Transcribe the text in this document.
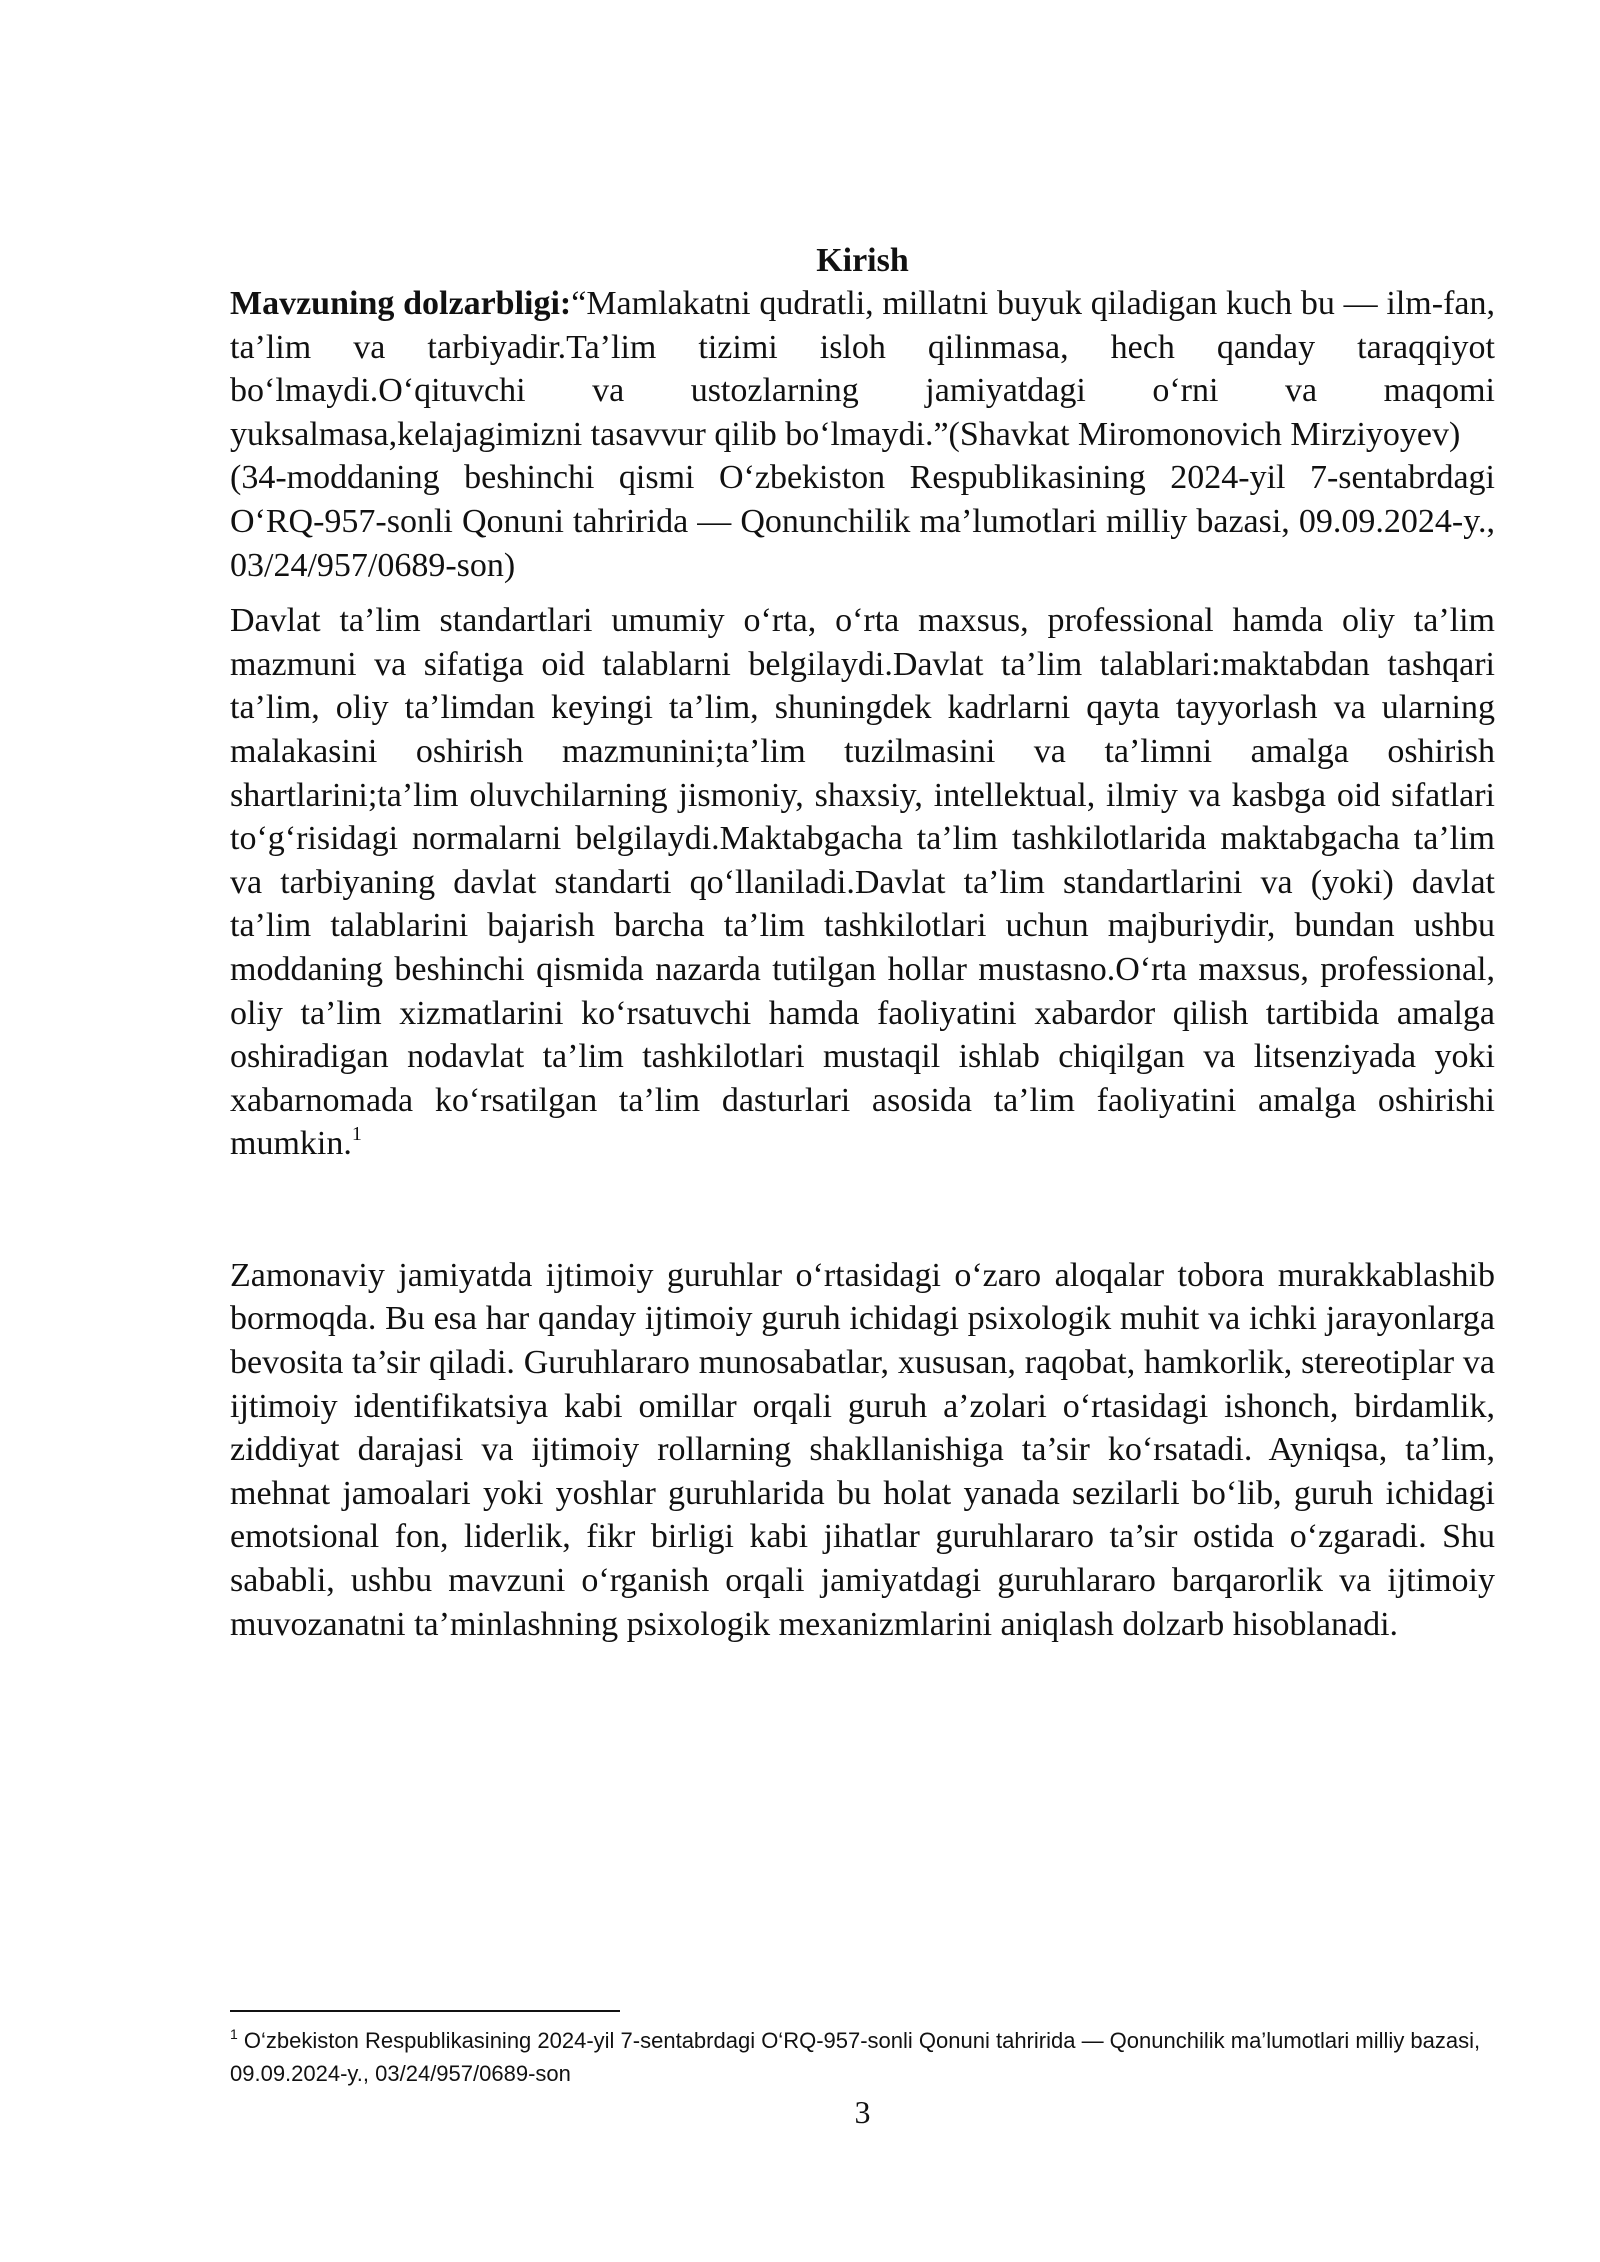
Kirish

Mavzuning dolzarbligi:“Mamlakatni qudratli, millatni buyuk qiladigan kuch bu — ilm-fan, ta’lim va tarbiyadir.Ta’lim tizimi isloh qilinmasa, hech qanday taraqqiyot bo‘lmaydi.O‘qituvchi va ustozlarning jamiyatdagi o‘rni va maqomi yuksalmasa,kelajagimizni tasavvur qilib bo‘lmaydi.”(Shavkat Miromonovich Mirziyoyev)

(34-moddaning beshinchi qismi O‘zbekiston Respublikasining 2024-yil 7-sentabrdagi O‘RQ-957-sonli Qonuni tahririda — Qonunchilik ma’lumotlari milliy bazasi, 09.09.2024-y., 03/24/957/0689-son)

Davlat ta’lim standartlari umumiy o‘rta, o‘rta maxsus, professional hamda oliy ta’lim mazmuni va sifatiga oid talablarni belgilaydi.Davlat ta’lim talablari:maktabdan tashqari ta’lim, oliy ta’limdan keyingi ta’lim, shuningdek kadrlarni qayta tayyorlash va ularning malakasini oshirish mazmunini;ta’lim tuzilmasini va ta’limni amalga oshirish shartlarini;ta’lim oluvchilarning jismoniy, shaxsiy, intellektual, ilmiy va kasbga oid sifatlari to‘g‘risidagi normalarni belgilaydi.Maktabgacha ta’lim tashkilotlarida maktabgacha ta’lim va tarbiyaning davlat standarti qo‘llaniladi.Davlat ta’lim standartlarini va (yoki) davlat ta’lim talablarini bajarish barcha ta’lim tashkilotlari uchun majburiydir, bundan ushbu moddaning beshinchi qismida nazarda tutilgan hollar mustasno.O‘rta maxsus, professional, oliy ta’lim xizmatlarini ko‘rsatuvchi hamda faoliyatini xabardor qilish tartibida amalga oshiradigan nodavlat ta’lim tashkilotlari mustaqil ishlab chiqilgan va litsenziyada yoki xabarnomada ko‘rsatilgan ta’lim dasturlari asosida ta’lim faoliyatini amalga oshirishi mumkin.$^1$

Zamonaviy jamiyatda ijtimoiy guruhlar o‘rtasidagi o‘zaro aloqalar tobora murakkablashib bormoqda. Bu esa har qanday ijtimoiy guruh ichidagi psixologik muhit va ichki jarayonlarga bevosita ta’sir qiladi. Guruhlararo munosabatlar, xususan, raqobat, hamkorlik, stereotiplar va ijtimoiy identifikatsiya kabi omillar orqali guruh a’zolari o‘rtasidagi ishonch, birdamlik, ziddiyat darajasi va ijtimoiy rollarning shakllanishiga ta’sir ko‘rsatadi. Ayniqsa, ta’lim, mehnat jamoalari yoki yoshlar guruhlarida bu holat yanada sezilarli bo‘lib, guruh ichidagi emotsional fon, liderlik, fikr birligi kabi jihatlar guruhlararo ta’sir ostida o‘zgaradi. Shu sababli, ushbu mavzuni o‘rganish orqali jamiyatdagi guruhlararo barqarorlik va ijtimoiy muvozanatni ta’minlashning psixologik mexanizmlarini aniqlash dolzarb hisoblanadi.

$^1$ O‘zbekiston Respublikasining 2024-yil 7-sentabrdagi O‘RQ-957-sonli Qonuni tahririda — Qonunchilik ma’lumotlari milliy bazasi, 09.09.2024-y., 03/24/957/0689-son

3
